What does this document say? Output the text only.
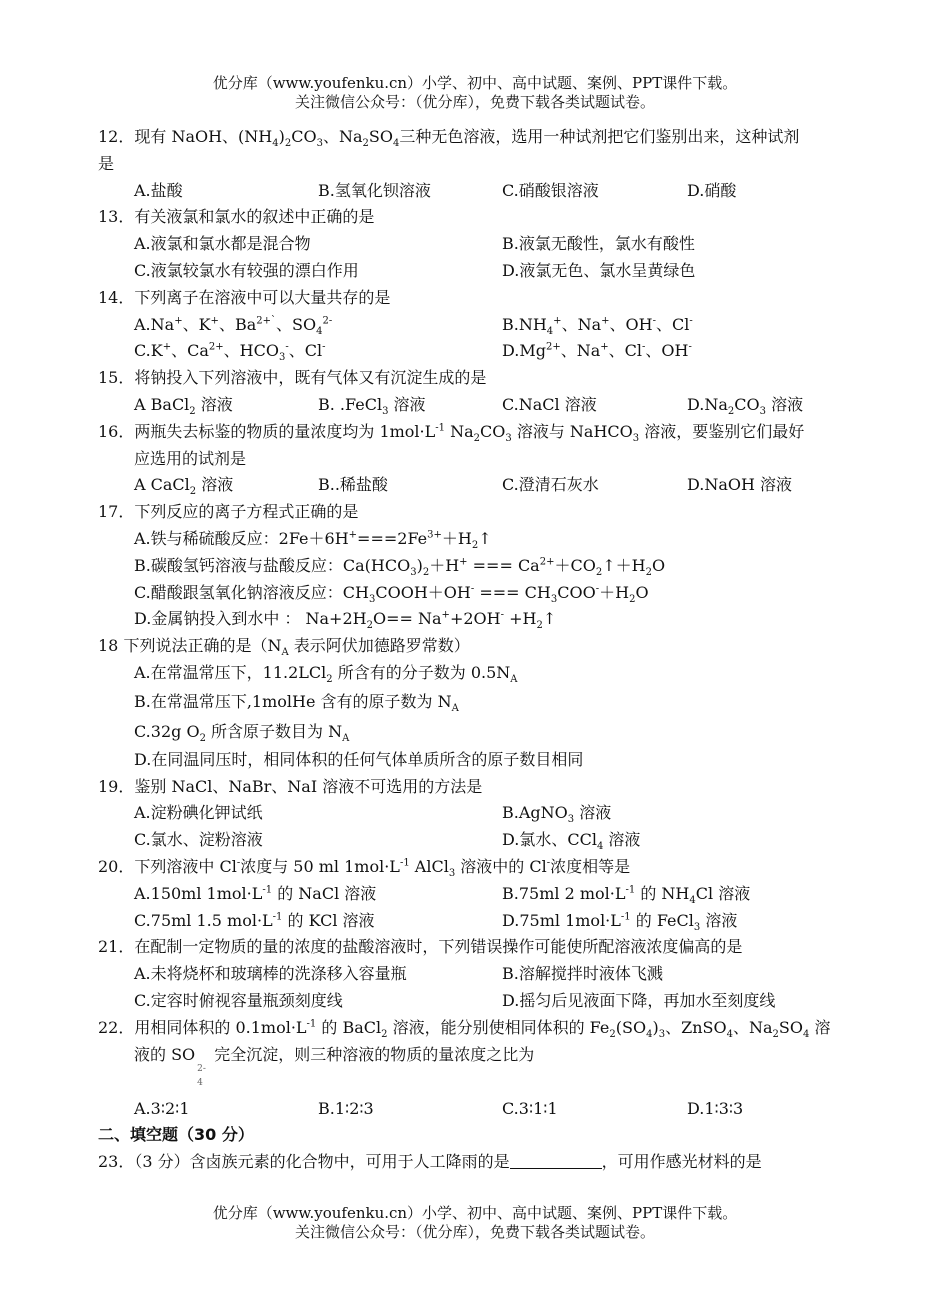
优分库（www.youfenku.cn）小学、初中、高中试题、案例、PPT课件下载。
关注微信公众号：（优分库），免费下载各类试题试卷。
12．现有 NaOH、$(NH_4)_2CO_3$、$Na_2SO_4$三种无色溶液，选用一种试剂把它们鉴别出来，这种试剂
是
A.盐酸	B.氢氧化钡溶液	C.硝酸银溶液	D.硝酸
13．有关液氯和氯水的叙述中正确的是
A.液氯和氯水都是混合物	B.液氯无酸性，氯水有酸性
C.液氯较氯水有较强的漂白作用	D.液氯无色、氯水呈黄绿色
14．下列离子在溶液中可以大量共存的是
A.Na+、K+、$Ba^{2+`}$、$SO_4^{2-}$	$B.NH_4^+$、Na+、OH-、Cl-
C.K+、$Ca^{2+}$、$HCO_3^-$、Cl-	$D.Mg^{2+}$、Na+、Cl-、OH-
15．将钠投入下列溶液中，既有气体又有沉淀生成的是
A BaCl$_2$ 溶液	B. .FeCl$_3$ 溶液	C.NaCl 溶液	$D.Na_2CO_3$ 溶液
16．两瓶失去标鉴的物质的量浓度均为 $1mol\cdot L^{-1}$ $Na_2CO_3$ 溶液与 NaHCO$_3$ 溶液，要鉴别它们最好
应选用的试剂是
A CaCl$_2$ 溶液	B..稀盐酸	C.澄清石灰水	D.NaOH 溶液
17．下列反应的离子方程式正确的是
A.铁与稀硫酸反应：$2Fe+6H^+===2Fe^{3+}+H_2↑$
B.碳酸氢钙溶液与盐酸反应：$Ca(HCO_3)_2+H^+$ === $Ca^{2+}+CO_2↑+H_2O$
C.醋酸跟氢氧化钠溶液反应：$CH_3COOH+OH^-$ === $CH_3COO^-+H_2O$
D.金属钠投入到水中 ： $Na+2H_2O== Na^++2OH^-$ $+H_2↑$
18 下列说法正确的是（$N_A$ 表示阿伏加德路罗常数）
A.在常温常压下，11.2LCl$_2$ 所含有的分子数为 $0.5N_A$
B.在常温常压下,1molHe 含有的原子数为 $N_A$
C.32g $O_2$ 所含原子数目为 $N_A$
D.在同温同压时，相同体积的任何气体单质所含的原子数目相同
19．鉴别 NaCl、NaBr、NaI 溶液不可选用的方法是
A.淀粉碘化钾试纸	B.AgNO$_3$ 溶液
C.氯水、淀粉溶液	D.氯水、CCl$_4$ 溶液
20．下列溶液中 Cl-浓度与 50 ml $1mol\cdot L^{-1}$ AlCl$_3$ 溶液中的 Cl-浓度相等是
A.150ml $1mol\cdot L^{-1}$ 的 NaCl 溶液	B.75ml 2 $mol\cdot L^{-1}$ 的 $NH_4Cl$ 溶液
C.75ml 1.5 $mol\cdot L^{-1}$ 的 KCl 溶液	D.75ml $1mol\cdot L^{-1}$ 的 FeCl$_3$ 溶液
21．在配制一定物质的量的浓度的盐酸溶液时，下列错误操作可能使所配溶液浓度偏高的是
A.未将烧杯和玻璃棒的洗涤移入容量瓶	B.溶解搅拌时液体飞溅
C.定容时俯视容量瓶颈刻度线	D.摇匀后见液面下降，再加水至刻度线
22．用相同体积的 $0.1mol\cdot L^{-1}$ 的 BaCl$_2$ 溶液，能分别使相同体积的 $Fe_2(SO_4)_3$、ZnSO$_4$、$Na_2SO_4$ 溶
液的 SO
2-
4
完全沉淀，则三种溶液的物质的量浓度之比为
A.3∶2∶1	B.1∶2∶3	C.3∶1∶1	D.1∶3∶3
二、填空题（30 分）
23．（3 分）含卤族元素的化合物中，可用于人工降雨的是	，可用作感光材料的是
优分库（www.youfenku.cn）小学、初中、高中试题、案例、PPT课件下载。
关注微信公众号：（优分库），免费下载各类试题试卷。
